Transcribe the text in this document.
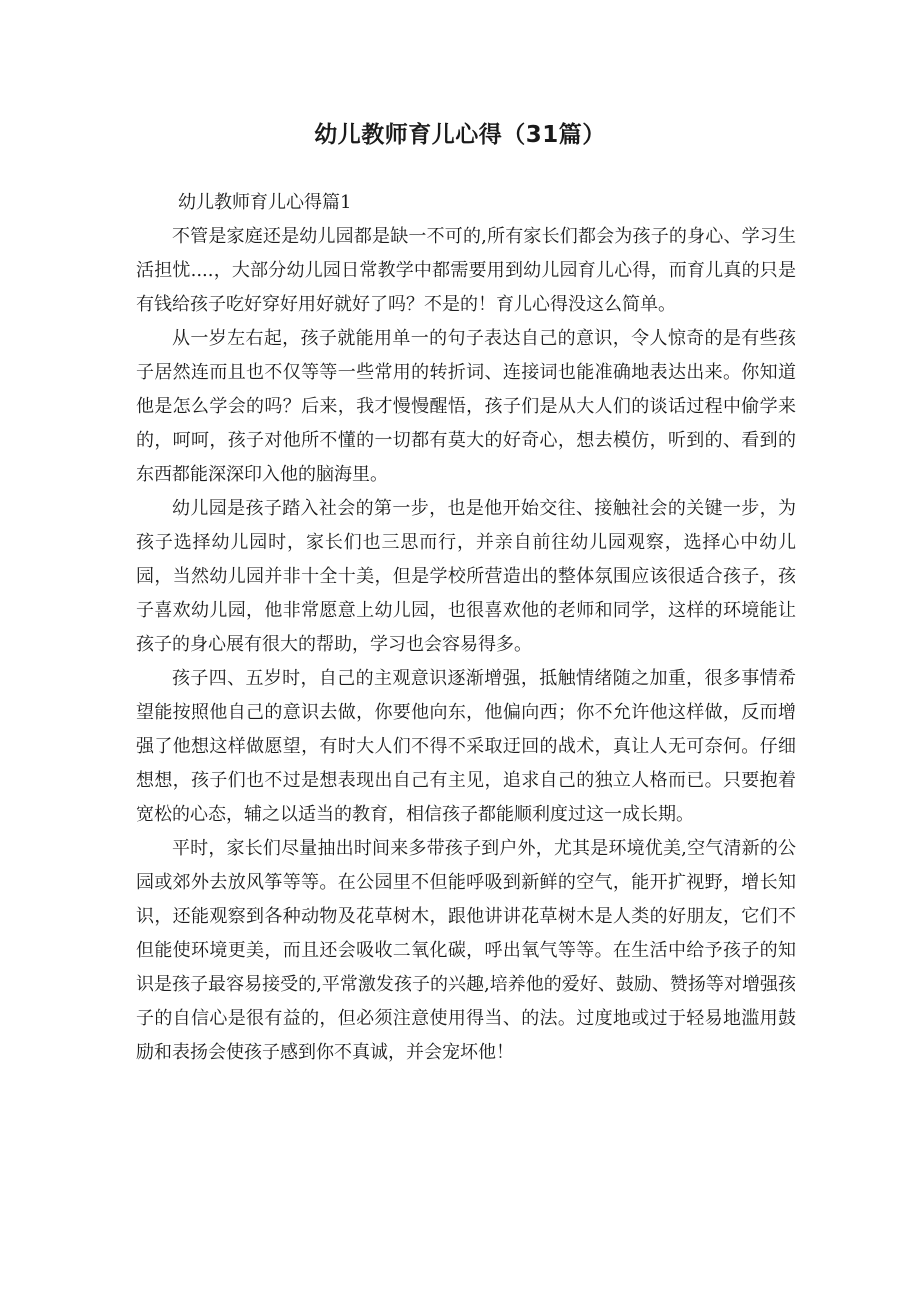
幼儿教师育儿心得（31篇）
幼儿教师育儿心得篇1

不管是家庭还是幼儿园都是缺一不可的,所有家长们都会为孩子的身心、学习生活担忧....，大部分幼儿园日常教学中都需要用到幼儿园育儿心得，而育儿真的只是有钱给孩子吃好穿好用好就好了吗？不是的！育儿心得没这么简单。

从一岁左右起，孩子就能用单一的句子表达自己的意识，令人惊奇的是有些孩子居然连而且也不仅等等一些常用的转折词、连接词也能准确地表达出来。你知道他是怎么学会的吗？后来，我才慢慢醒悟，孩子们是从大人们的谈话过程中偷学来的，呵呵，孩子对他所不懂的一切都有莫大的好奇心，想去模仿，听到的、看到的东西都能深深印入他的脑海里。

幼儿园是孩子踏入社会的第一步，也是他开始交往、接触社会的关键一步，为孩子选择幼儿园时，家长们也三思而行，并亲自前往幼儿园观察，选择心中幼儿园，当然幼儿园并非十全十美，但是学校所营造出的整体氛围应该很适合孩子，孩子喜欢幼儿园，他非常愿意上幼儿园，也很喜欢他的老师和同学，这样的环境能让孩子的身心展有很大的帮助，学习也会容易得多。

孩子四、五岁时，自己的主观意识逐渐增强，抵触情绪随之加重，很多事情希望能按照他自己的意识去做，你要他向东，他偏向西；你不允许他这样做，反而增强了他想这样做愿望，有时大人们不得不采取迂回的战术，真让人无可奈何。仔细想想，孩子们也不过是想表现出自己有主见，追求自己的独立人格而已。只要抱着宽松的心态，辅之以适当的教育，相信孩子都能顺利度过这一成长期。

平时，家长们尽量抽出时间来多带孩子到户外，尤其是环境优美,空气清新的公园或郊外去放风筝等等。在公园里不但能呼吸到新鲜的空气，能开扩视野，增长知识，还能观察到各种动物及花草树木，跟他讲讲花草树木是人类的好朋友，它们不但能使环境更美，而且还会吸收二氧化碳，呼出氧气等等。在生活中给予孩子的知识是孩子最容易接受的,平常激发孩子的兴趣,培养他的爱好、鼓励、赞扬等对增强孩子的自信心是很有益的，但必须注意使用得当、的法。过度地或过于轻易地滥用鼓励和表扬会使孩子感到你不真诚，并会宠坏他！
